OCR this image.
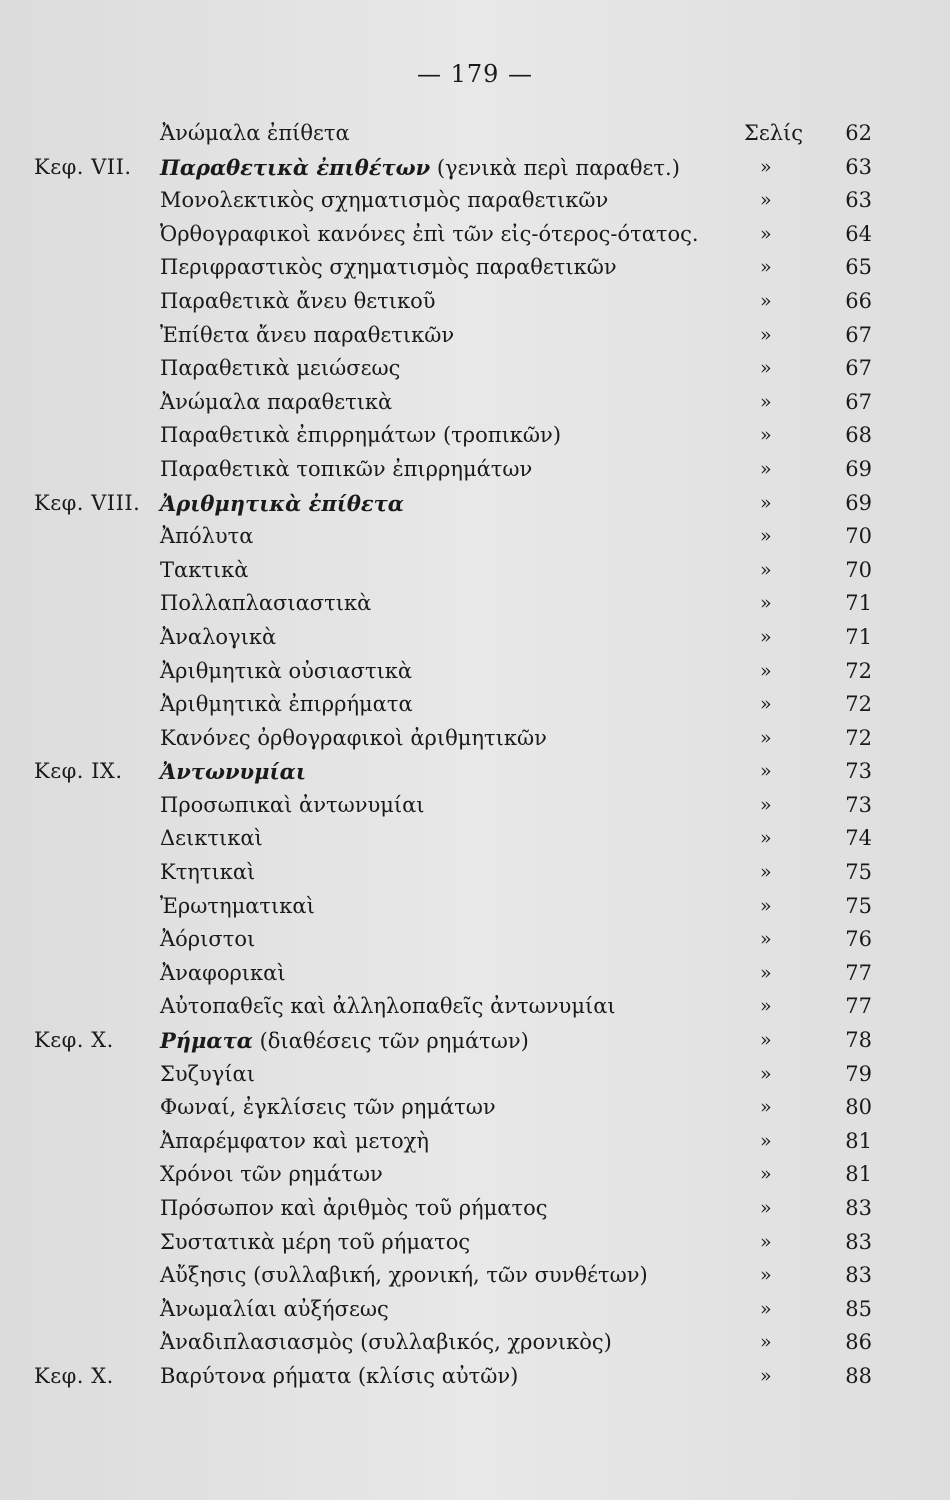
— 179 —
Ἀνώμαλα ἐπίθετα	Σελίς	62
Κεφ. VII. Παραθετικὰ ἐπιθέτων (γενικὰ περὶ παραθετ.)	»	63
Μονολεκτικὸς σχηματισμὸς παραθετικῶν	»	63
Ὀρθογραφικοὶ κανόνες ἐπὶ τῶν εἰς-ότερος-ότατος.	»	64
Περιφραστικὸς σχηματισμὸς παραθετικῶν	»	65
Παραθετικὰ ἄνευ θετικοῦ	»	66
Ἐπίθετα ἄνευ παραθετικῶν	»	67
Παραθετικὰ μειώσεως	»	67
Ἀνώμαλα παραθετικὰ	»	67
Παραθετικὰ ἐπιρρημάτων (τροπικῶν)	»	68
Παραθετικὰ τοπικῶν ἐπιρρημάτων	»	69
Κεφ. VIII. Ἀριθμητικὰ ἐπίθετα	»	69
Ἀπόλυτα	»	70
Τακτικὰ	»	70
Πολλαπλασιαστικὰ	»	71
Ἀναλογικὰ	»	71
Ἀριθμητικὰ οὐσιαστικὰ	»	72
Ἀριθμητικὰ ἐπιρρήματα	»	72
Κανόνες ὀρθογραφικοὶ ἀριθμητικῶν	»	72
Κεφ. IX. Ἀντωνυμίαι	»	73
Προσωπικαὶ ἀντωνυμίαι	»	73
Δεικτικαὶ	»	74
Κτητικαὶ	»	75
Ἐρωτηματικαὶ	»	75
Ἀόριστοι	»	76
Ἀναφορικαὶ	»	77
Αὐτοπαθεῖς καὶ ἀλληλοπαθεῖς ἀντωνυμίαι	»	77
Κεφ. X. Ρήματα (διαθέσεις τῶν ρημάτων)	»	78
Συζυγίαι	»	79
Φωναί, ἐγκλίσεις τῶν ρημάτων	»	80
Ἀπαρέμφατον καὶ μετοχὴ	»	81
Χρόνοι τῶν ρημάτων	»	81
Πρόσωπον καὶ ἀριθμὸς τοῦ ρήματος	»	83
Συστατικὰ μέρη τοῦ ρήματος	»	83
Αὔξησις (συλλαβική, χρονική, τῶν συνθέτων)	»	83
Ἀνωμαλίαι αὐξήσεως	»	85
Ἀναδιπλασιασμὸς (συλλαβικός, χρονικὸς)	»	86
Κεφ. Χ. Βαρύτονα ρήματα (κλίσις αὐτῶν)	»	88
